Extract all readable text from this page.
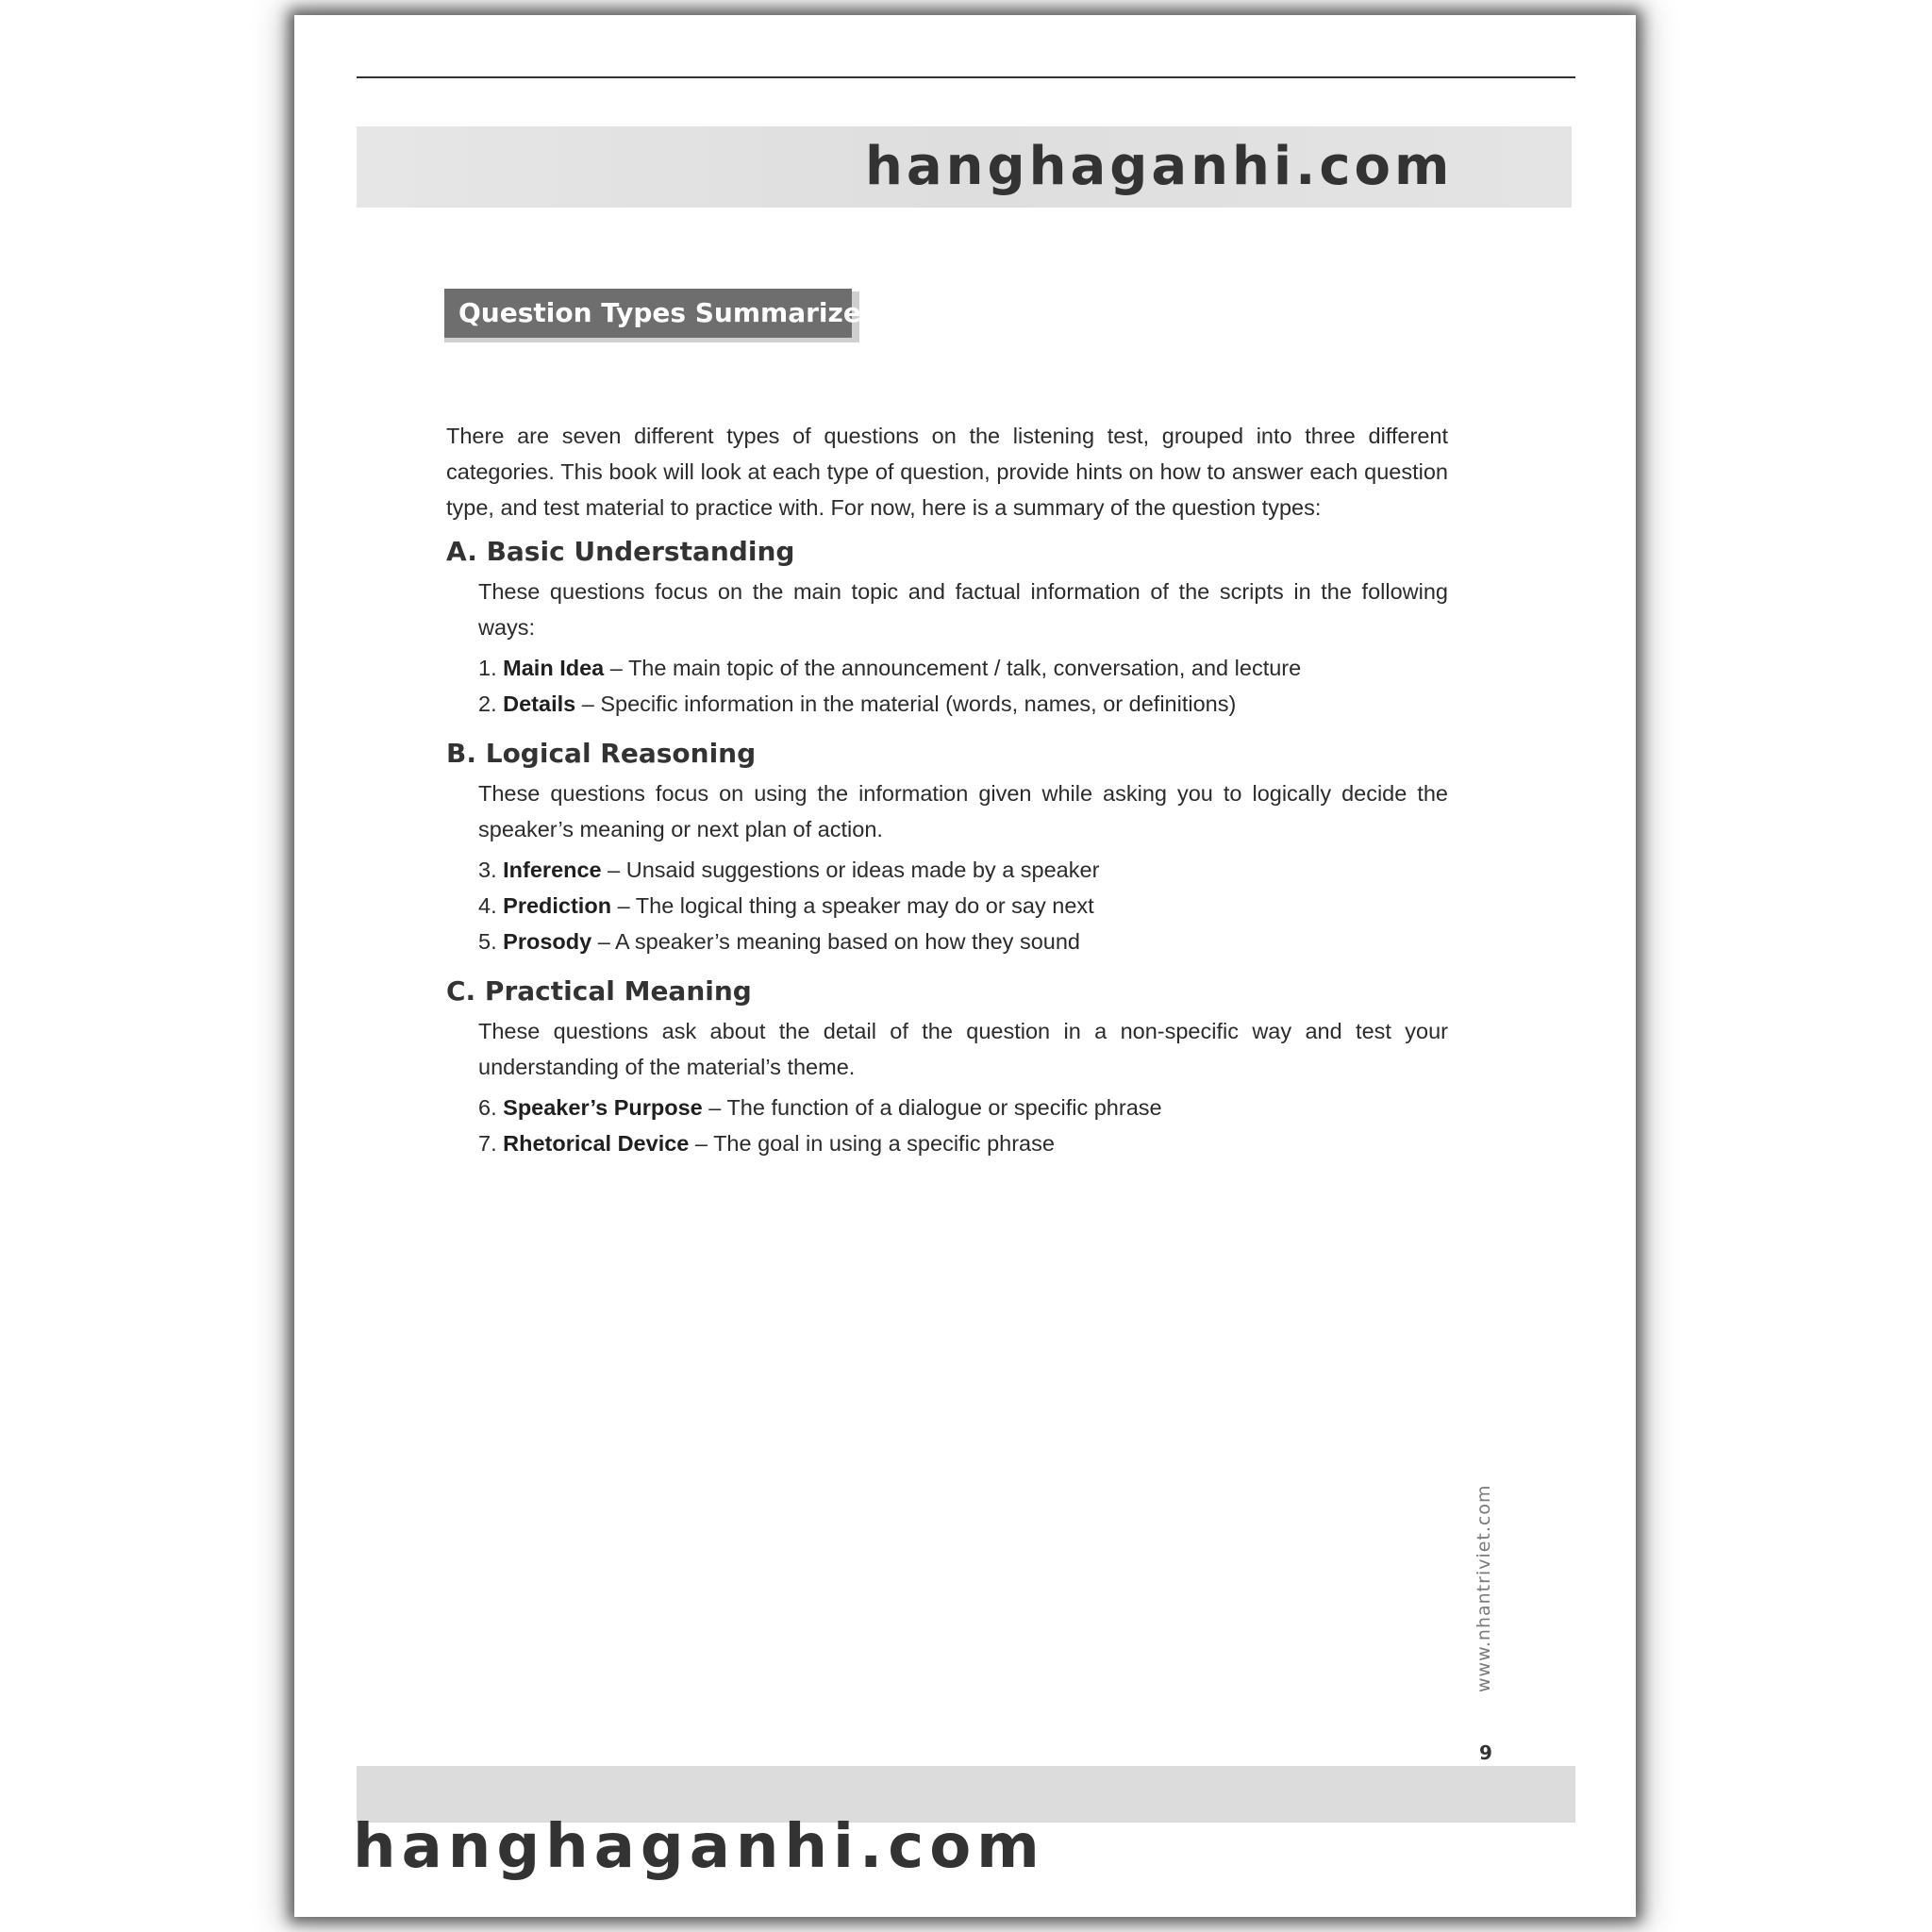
hanghaganhi.com
Question Types Summarized

There are seven different types of questions on the listening test, grouped into three different categories. This book will look at each type of question, provide hints on how to answer each question type, and test material to practice with. For now, here is a summary of the question types:

A. Basic Understanding

These questions focus on the main topic and factual information of the scripts in the following ways:

1. Main Idea – The main topic of the announcement / talk, conversation, and lecture
2. Details – Specific information in the material (words, names, or definitions)
B. Logical Reasoning

These questions focus on using the information given while asking you to logically decide the speaker’s meaning or next plan of action.

3. Inference – Unsaid suggestions or ideas made by a speaker
4. Prediction – The logical thing a speaker may do or say next
5. Prosody – A speaker’s meaning based on how they sound
C. Practical Meaning

These questions ask about the detail of the question in a non-specific way and test your understanding of the material’s theme.

6. Speaker’s Purpose – The function of a dialogue or specific phrase
7. Rhetorical Device – The goal in using a specific phrase
www.nhantriviet.com
9
hanghaganhi.com
